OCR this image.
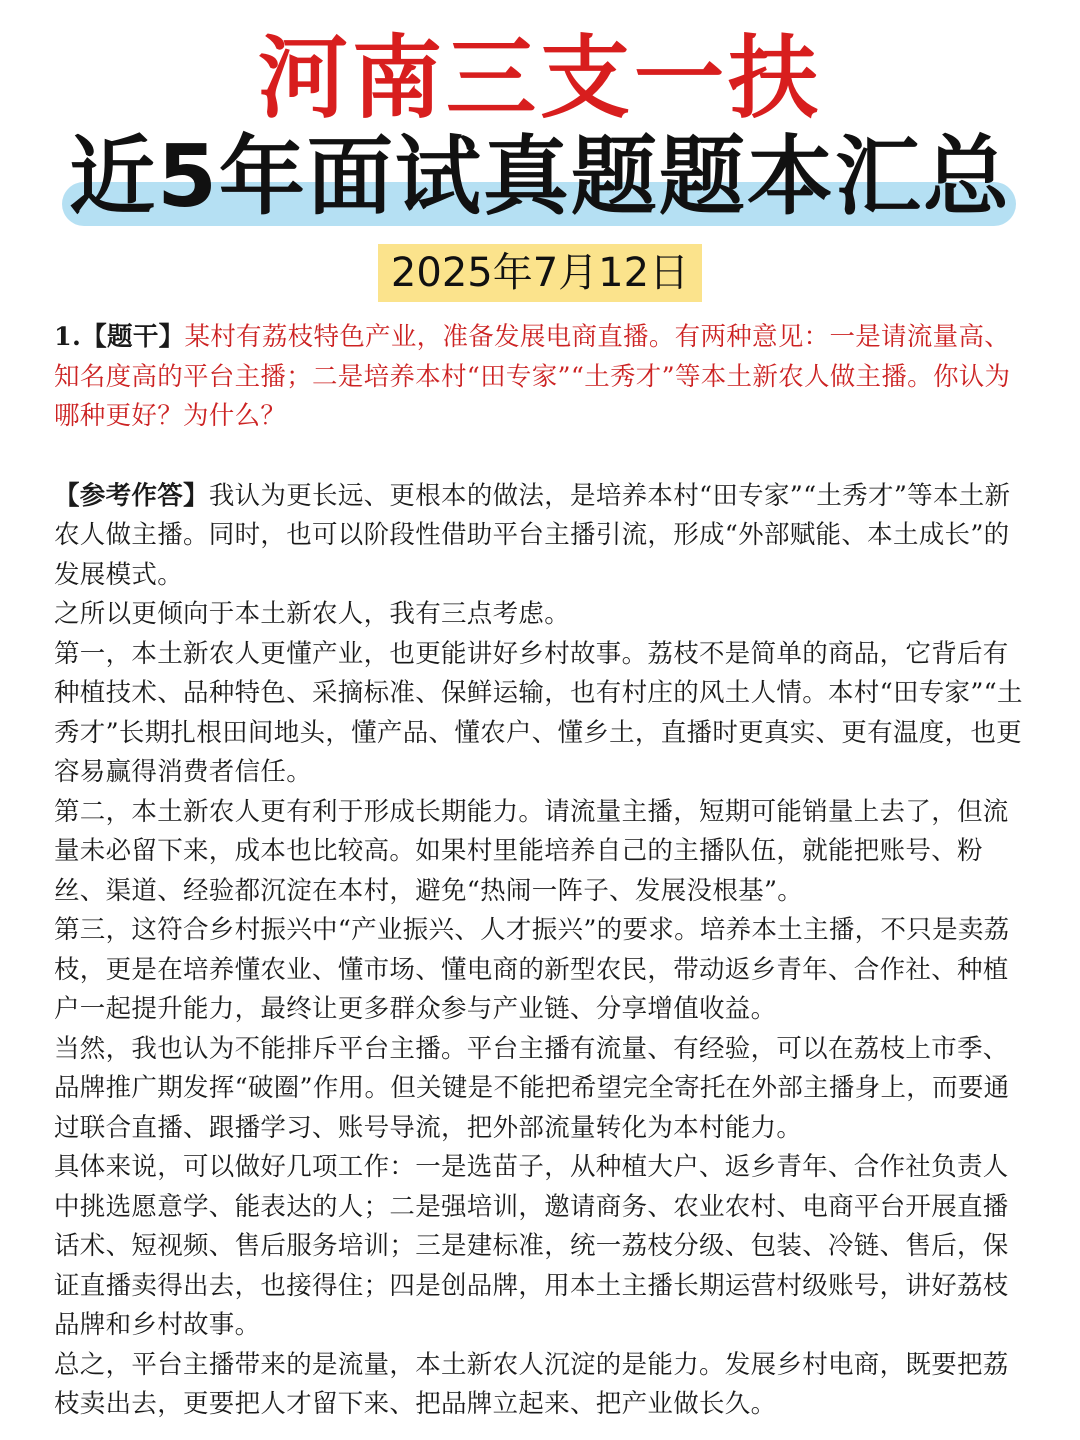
河南三支一扶
近5年面试真题题本汇总
2025年7月12日

1.【题干】某村有荔枝特色产业，准备发展电商直播。有两种意见：一是请流量高、知名度高的平台主播；二是培养本村“田专家”“土秀才”等本土新农人做主播。你认为哪种更好？为什么？

【参考作答】我认为更长远、更根本的做法，是培养本村“田专家”“土秀才”等本土新农人做主播。同时，也可以阶段性借助平台主播引流，形成“外部赋能、本土成长”的发展模式。

之所以更倾向于本土新农人，我有三点考虑。

第一，本土新农人更懂产业，也更能讲好乡村故事。荔枝不是简单的商品，它背后有种植技术、品种特色、采摘标准、保鲜运输，也有村庄的风土人情。本村“田专家”“土秀才”长期扎根田间地头，懂产品、懂农户、懂乡土，直播时更真实、更有温度，也更容易赢得消费者信任。

第二，本土新农人更有利于形成长期能力。请流量主播，短期可能销量上去了，但流量未必留下来，成本也比较高。如果村里能培养自己的主播队伍，就能把账号、粉丝、渠道、经验都沉淀在本村，避免“热闹一阵子、发展没根基”。

第三，这符合乡村振兴中“产业振兴、人才振兴”的要求。培养本土主播，不只是卖荔枝，更是在培养懂农业、懂市场、懂电商的新型农民，带动返乡青年、合作社、种植户一起提升能力，最终让更多群众参与产业链、分享增值收益。

当然，我也认为不能排斥平台主播。平台主播有流量、有经验，可以在荔枝上市季、品牌推广期发挥“破圈”作用。但关键是不能把希望完全寄托在外部主播身上，而要通过联合直播、跟播学习、账号导流，把外部流量转化为本村能力。

具体来说，可以做好几项工作：一是选苗子，从种植大户、返乡青年、合作社负责人中挑选愿意学、能表达的人；二是强培训，邀请商务、农业农村、电商平台开展直播话术、短视频、售后服务培训；三是建标准，统一荔枝分级、包装、冷链、售后，保证直播卖得出去，也接得住；四是创品牌，用本土主播长期运营村级账号，讲好荔枝品牌和乡村故事。

总之，平台主播带来的是流量，本土新农人沉淀的是能力。发展乡村电商，既要把荔枝卖出去，更要把人才留下来、把品牌立起来、把产业做长久。
